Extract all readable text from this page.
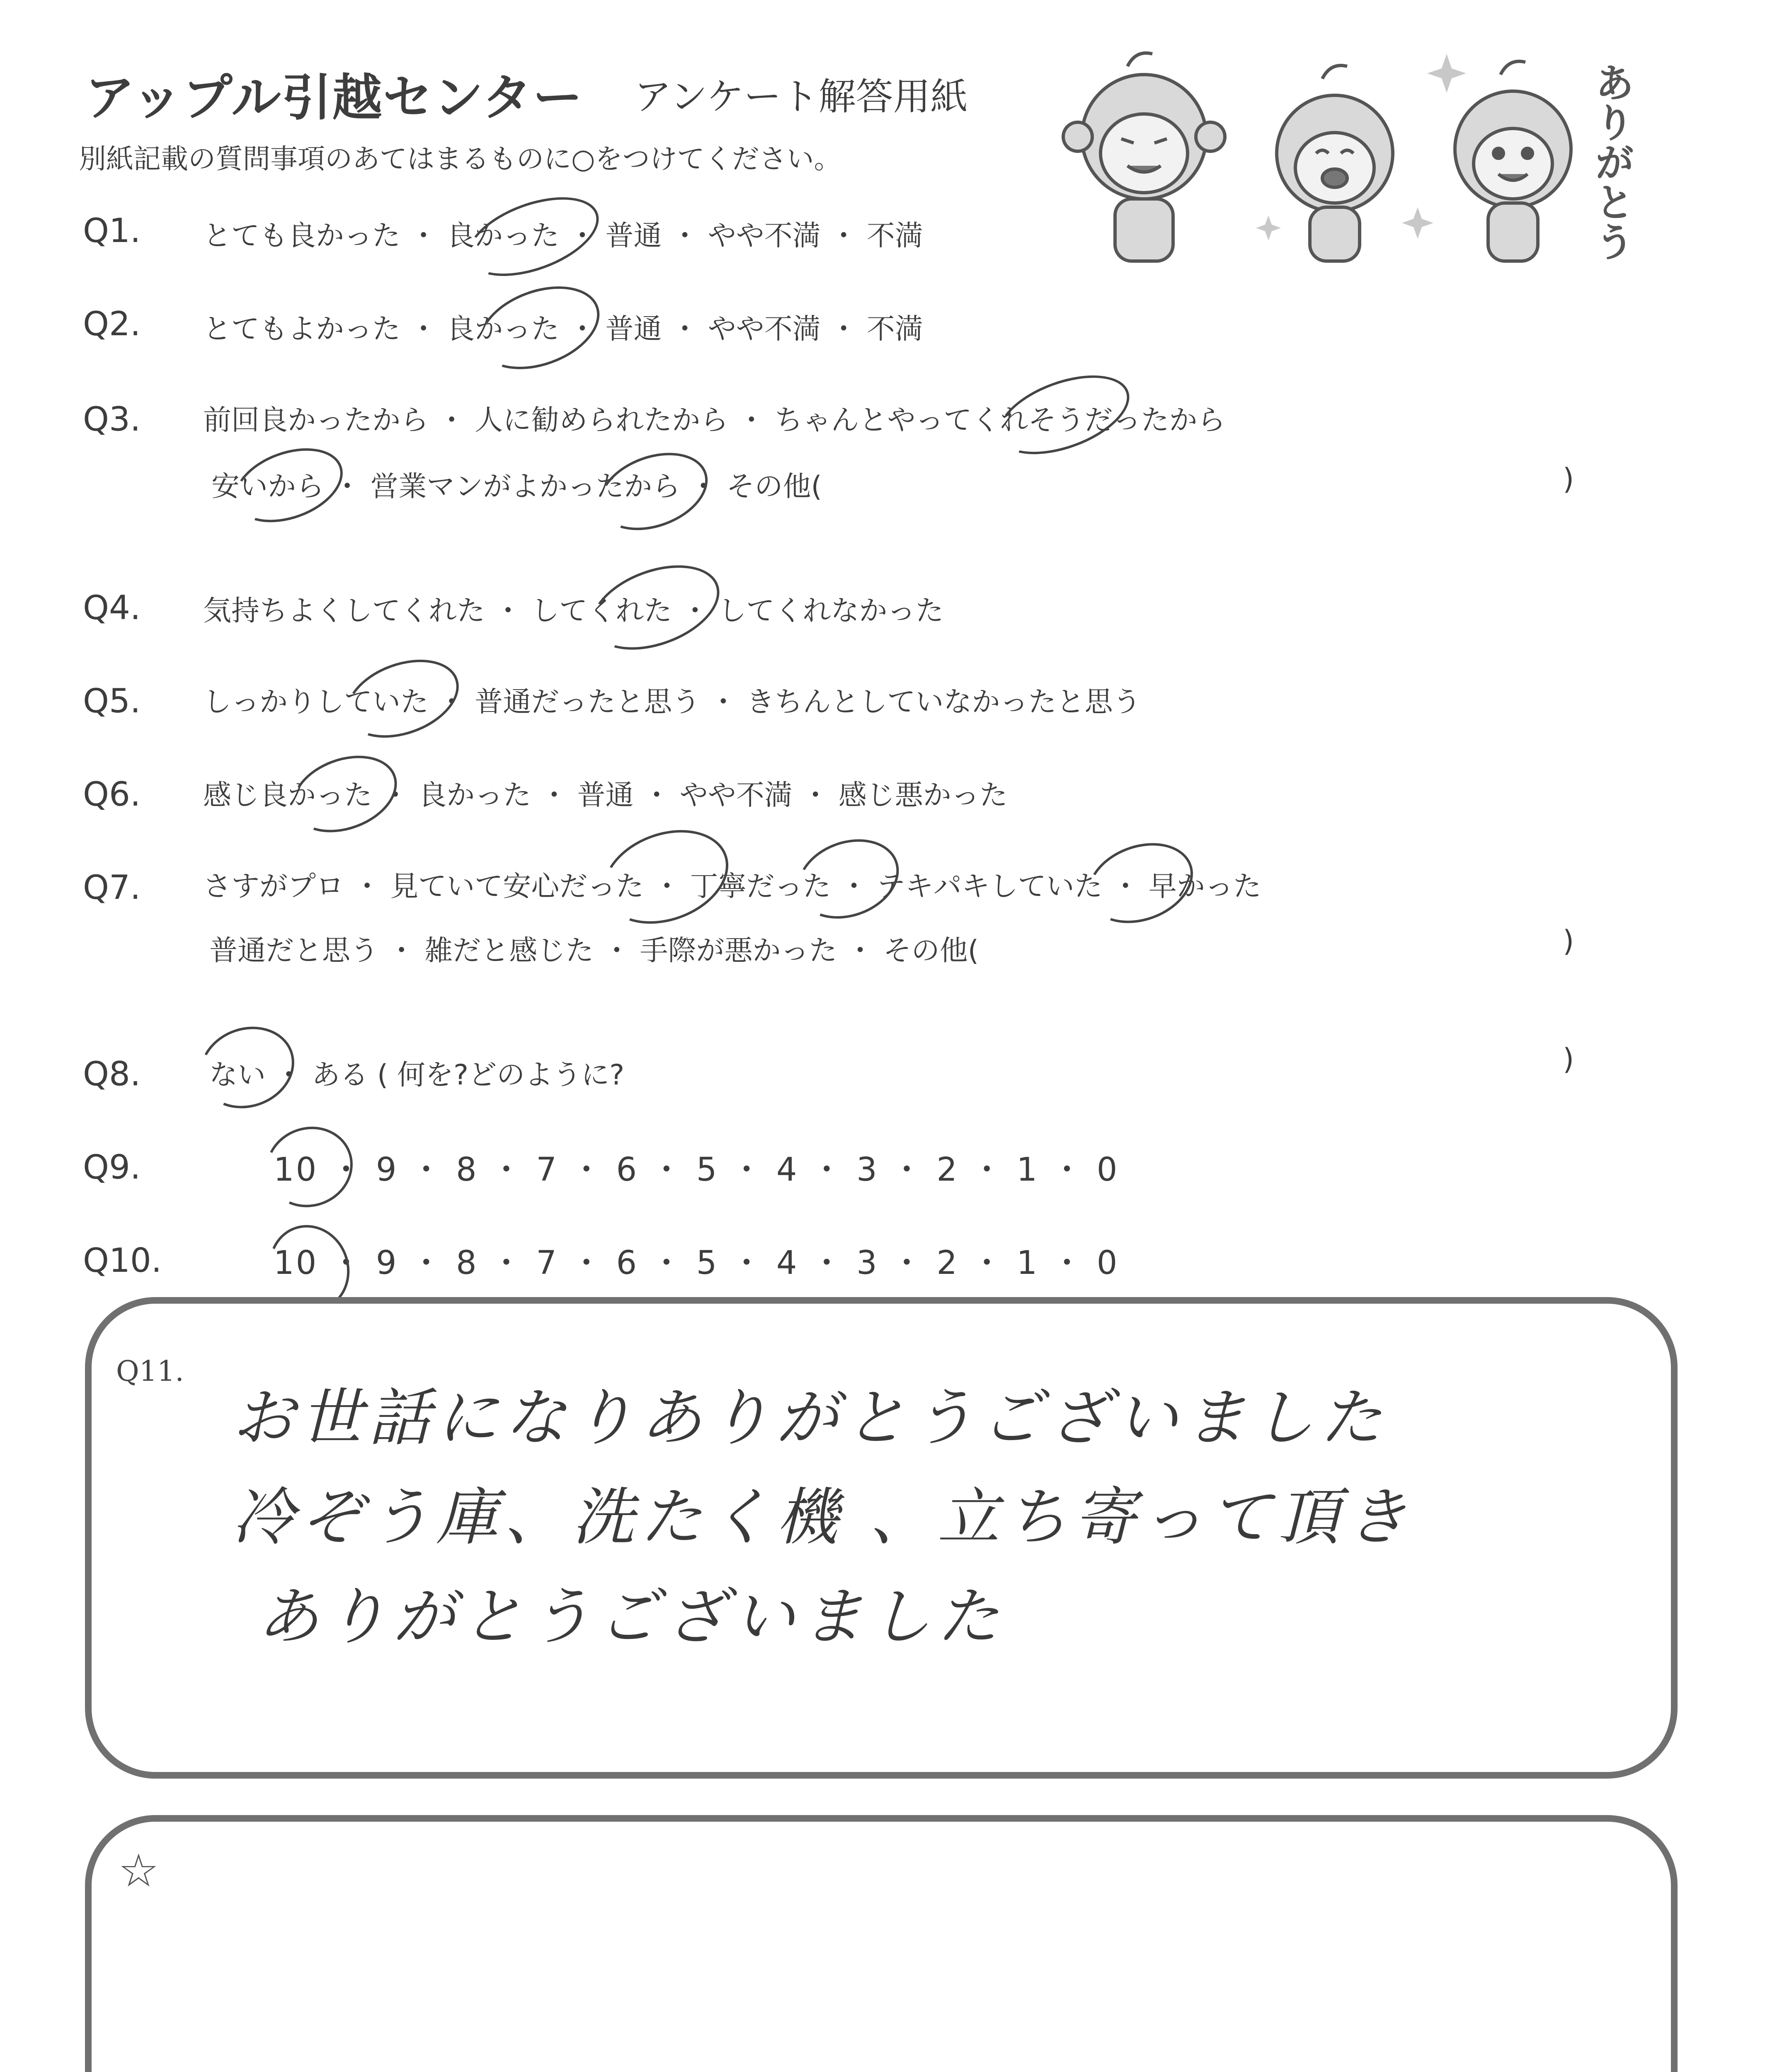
アップル引越センター アンケート解答用紙
別紙記載の質問事項のあてはまるものに○をつけてください。	ありがとう
Q1. とても良かった ・ 良かった ・ 普通 ・ やや不満 ・ 不満
Q2. とてもよかった ・ 良かった ・ 普通 ・ やや不満 ・ 不満
Q3. 前回良かったから ・ 人に勧められたから ・ ちゃんとやってくれそうだったから
安いから ・ 営業マンがよかったから ・ その他(	)
Q4. 気持ちよくしてくれた ・ してくれた ・ してくれなかった
Q5. しっかりしていた ・ 普通だったと思う ・ きちんとしていなかったと思う
Q6. 感じ良かった ・ 良かった ・ 普通 ・ やや不満 ・ 感じ悪かった
Q7. さすがプロ ・ 見ていて安心だった ・ 丁寧だった ・ テキパキしていた ・ 早かった
普通だと思う ・ 雑だと感じた ・ 手際が悪かった ・ その他(	)
Q8. ない ・ ある ( 何を?どのように?	)
Q9.	10 ・ 9 ・ 8 ・ 7 ・ 6 ・ 5 ・ 4 ・ 3 ・ 2 ・ 1 ・ 0
Q10.	10 ・ 9 ・ 8 ・ 7 ・ 6 ・ 5 ・ 4 ・ 3 ・ 2 ・ 1 ・ 0
Q11.
お世話になりありがとうございました
冷ぞう庫、洗たく機 、立ち寄って頂き
ありがとうございました
☆
